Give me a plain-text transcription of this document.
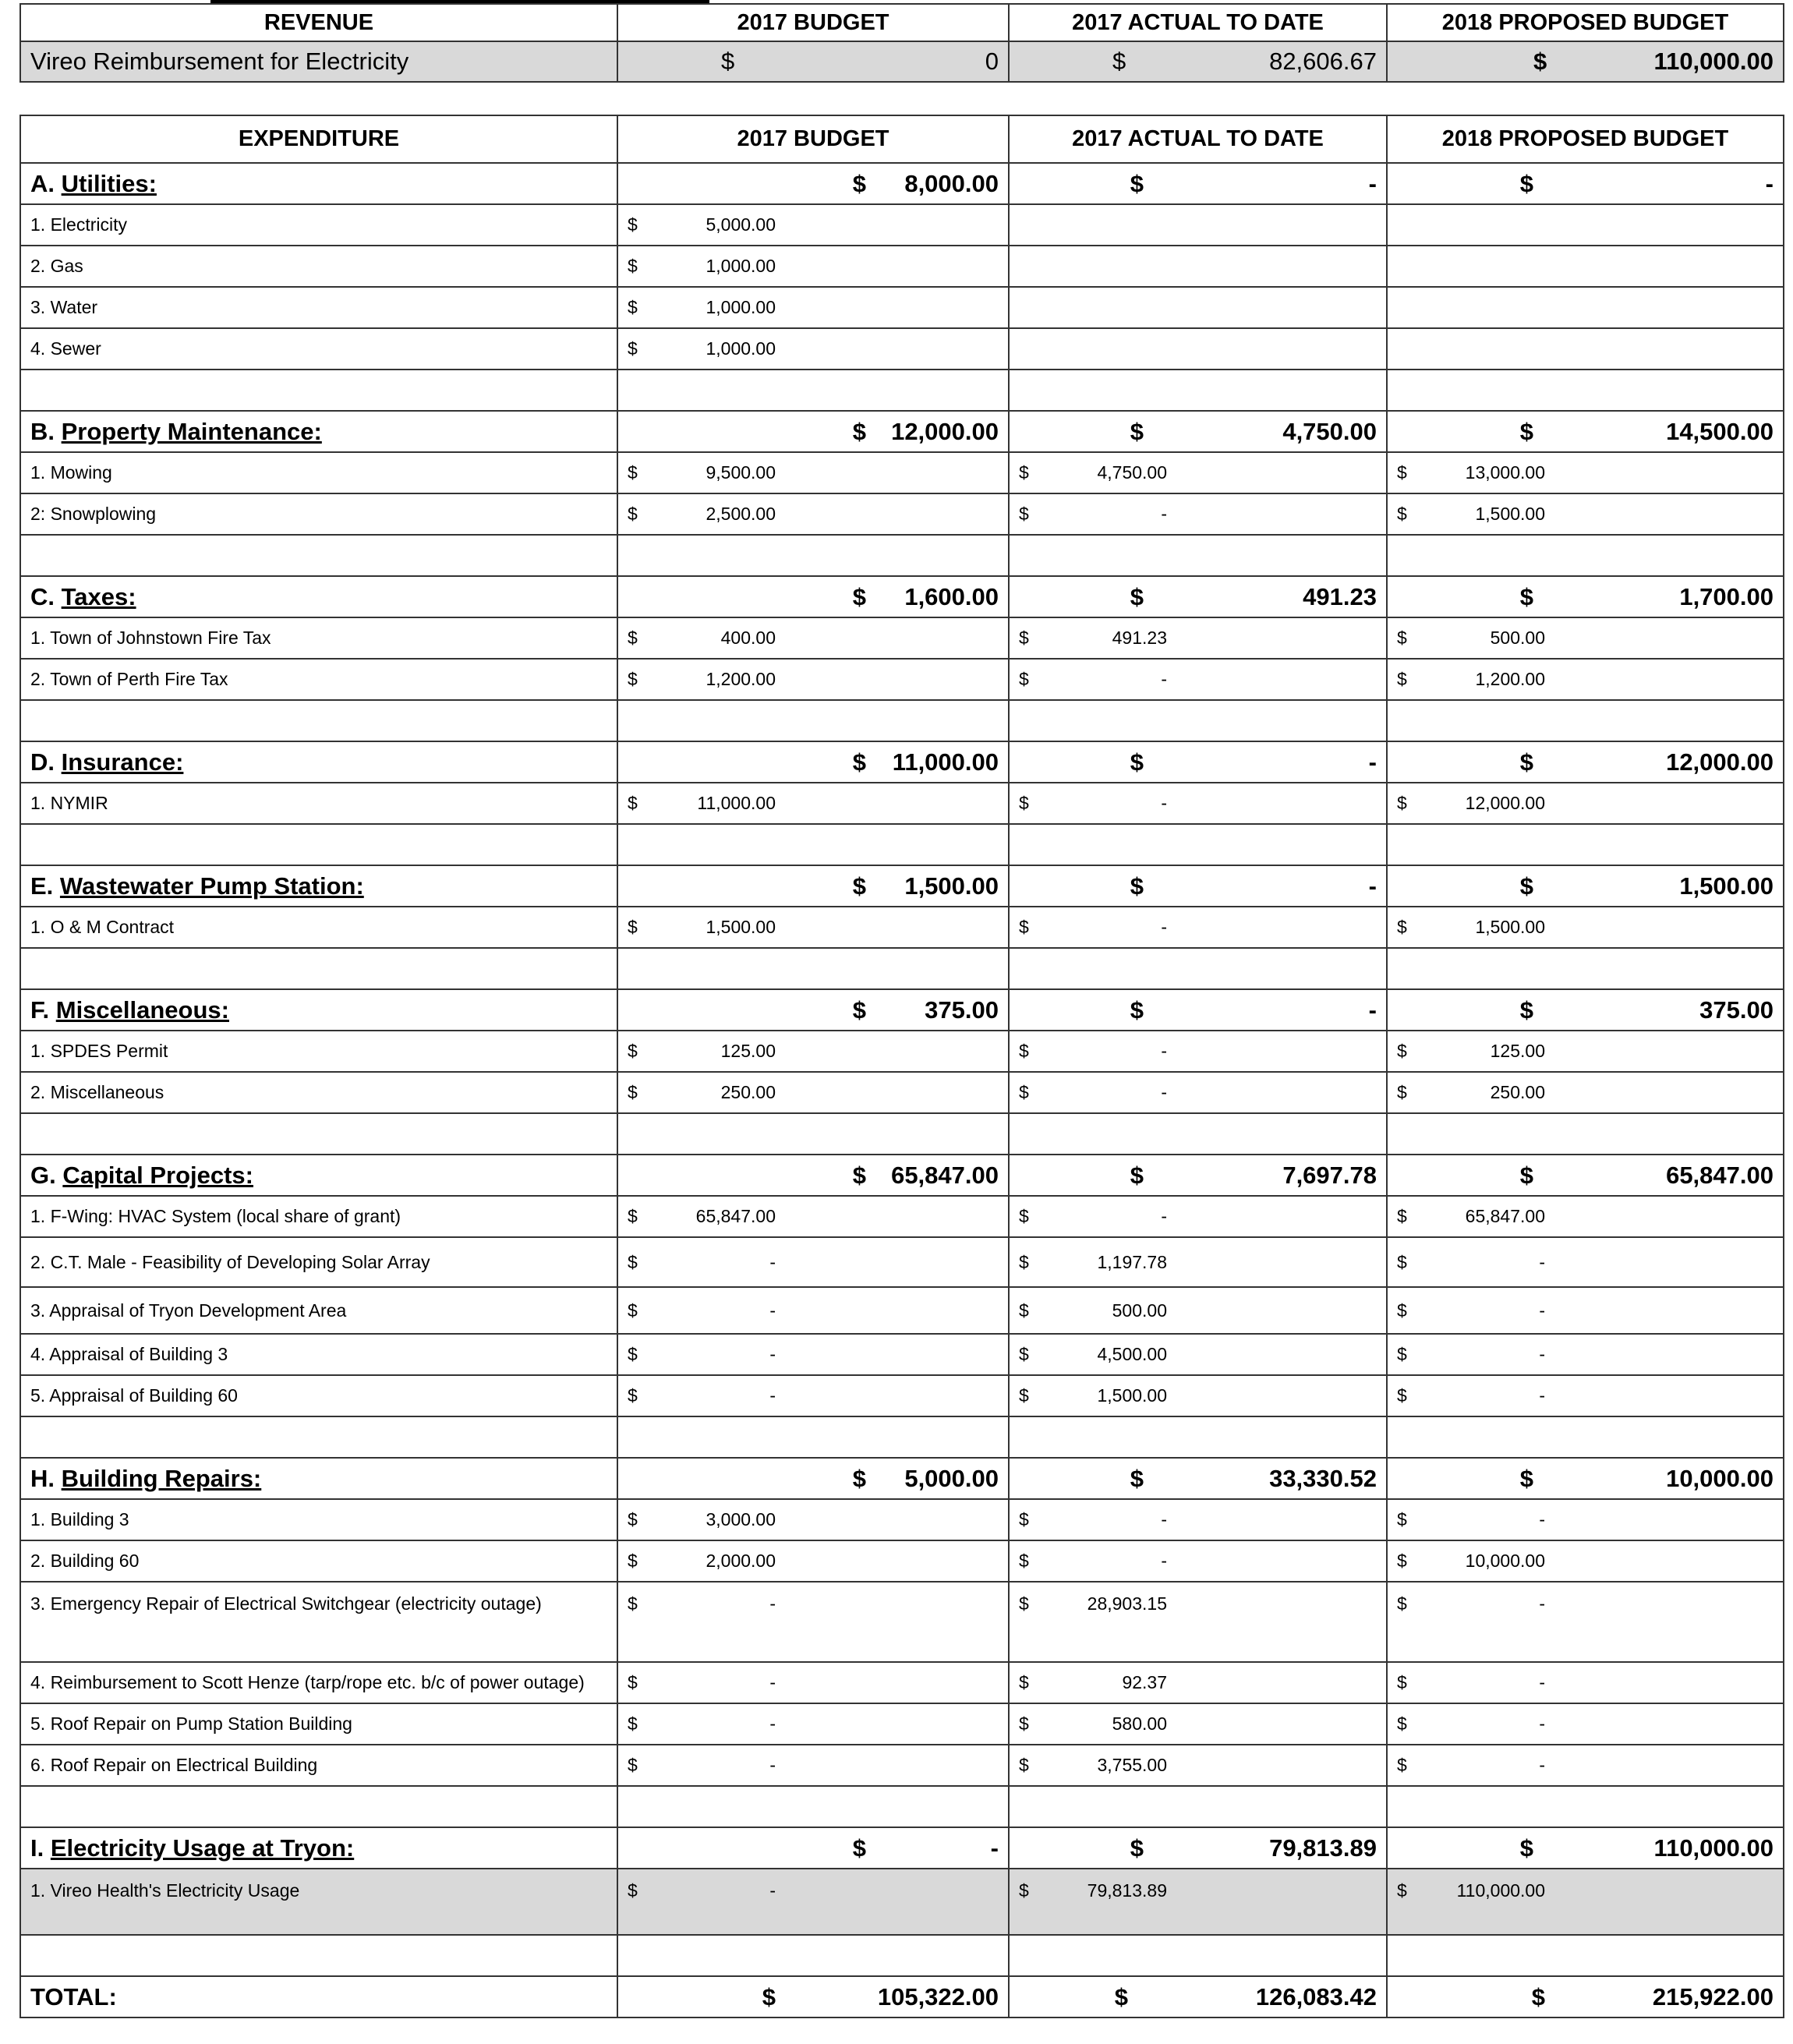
REVENUE	2017 BUDGET	2017 ACTUAL TO DATE	2018 PROPOSED BUDGET
Vireo Reimbursement for Electricity	$ 0	$ 82,606.67	$ 110,000.00
EXPENDITURE	2017 BUDGET	2017 ACTUAL TO DATE	2018 PROPOSED BUDGET
A. Utilities:	$ 8,000.00	$ -	$ -

1. Electricity	$ 5,000.00		

2. Gas	$ 1,000.00		

3. Water	$ 1,000.00		

4. Sewer	$ 1,000.00		

B. Property Maintenance:	$ 12,000.00	$ 4,750.00	$ 14,500.00

1. Mowing	$ 9,500.00	$ 4,750.00	$ 13,000.00

2: Snowplowing	$ 2,500.00	$ -	$ 1,500.00

C. Taxes:	$ 1,600.00	$ 491.23	$ 1,700.00

1. Town of Johnstown Fire Tax	$ 400.00	$ 491.23	$ 500.00

2. Town of Perth Fire Tax	$ 1,200.00	$ -	$ 1,200.00

D. Insurance:	$ 11,000.00	$ -	$ 12,000.00

1. NYMIR	$ 11,000.00	$ -	$ 12,000.00

E. Wastewater Pump Station:	$ 1,500.00	$ -	$ 1,500.00

1. O & M Contract	$ 1,500.00	$ -	$ 1,500.00

F. Miscellaneous:	$ 375.00	$ -	$ 375.00

1. SPDES Permit	$ 125.00	$ -	$ 125.00

2. Miscellaneous	$ 250.00	$ -	$ 250.00

G. Capital Projects:	$ 65,847.00	$ 7,697.78	$ 65,847.00

1. F-Wing: HVAC System (local share of grant)	$ 65,847.00	$ -	$ 65,847.00

2. C.T. Male - Feasibility of Developing Solar Array	$ -	$ 1,197.78	$ -

3. Appraisal of Tryon Development Area	$ -	$ 500.00	$ -

4. Appraisal of Building 3	$ -	$ 4,500.00	$ -

5. Appraisal of Building 60	$ -	$ 1,500.00	$ -

H. Building Repairs:	$ 5,000.00	$ 33,330.52	$ 10,000.00

1. Building 3	$ 3,000.00	$ -	$ -

2. Building 60	$ 2,000.00	$ -	$ 10,000.00

3. Emergency Repair of Electrical Switchgear (electricity outage)	$ -	$ 28,903.15	$ -

4. Reimbursement to Scott Henze (tarp/rope etc. b/c of power outage)	$ -	$ 92.37	$ -

5. Roof Repair on Pump Station Building	$ -	$ 580.00	$ -

6. Roof Repair on Electrical Building	$ -	$ 3,755.00	$ -

I. Electricity Usage at Tryon:	$ -	$ 79,813.89	$ 110,000.00

1. Vireo Health's Electricity Usage	$ -	$ 79,813.89	$ 110,000.00

TOTAL:	$ 105,322.00	$ 126,083.42	$ 215,922.00
